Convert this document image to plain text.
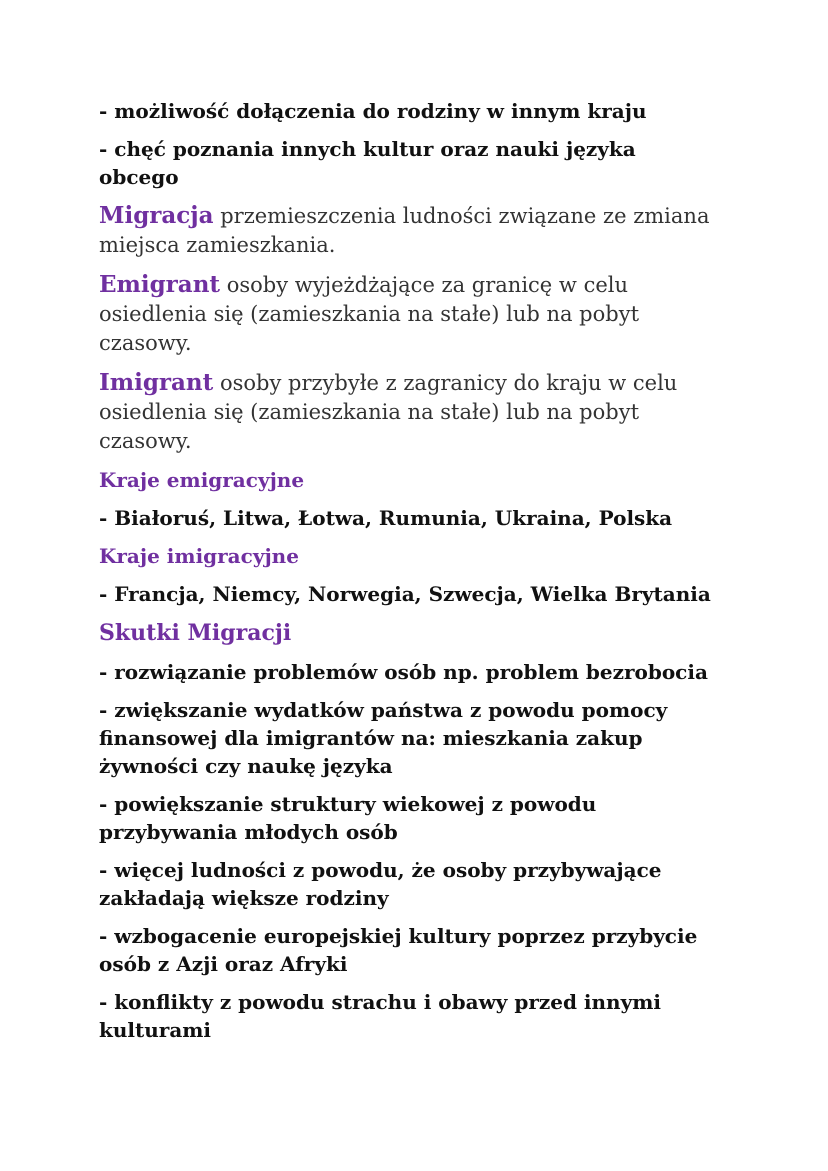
- możliwość dołączenia do rodziny w innym kraju

- chęć poznania innych kultur oraz nauki języka obcego

Migracja przemieszczenia ludności związane ze zmiana miejsca zamieszkania.

Emigrant osoby wyjeżdżające za granicę w celu osiedlenia się (zamieszkania na stałe) lub na pobyt czasowy.

Imigrant osoby przybyłe z zagranicy do kraju w celu osiedlenia się (zamieszkania na stałe) lub na pobyt czasowy.

Kraje emigracyjne

- Białoruś, Litwa, Łotwa, Rumunia, Ukraina, Polska

Kraje imigracyjne

- Francja, Niemcy, Norwegia, Szwecja, Wielka Brytania

Skutki Migracji

- rozwiązanie problemów osób np. problem bezrobocia

- zwiększanie wydatków państwa z powodu pomocy finansowej dla imigrantów na: mieszkania zakup żywności czy naukę języka

- powiększanie struktury wiekowej z powodu przybywania młodych osób

- więcej ludności z powodu, że osoby przybywające zakładają większe rodziny

- wzbogacenie europejskiej kultury poprzez przybycie osób z Azji oraz Afryki

- konflikty z powodu strachu i obawy przed innymi kulturami
